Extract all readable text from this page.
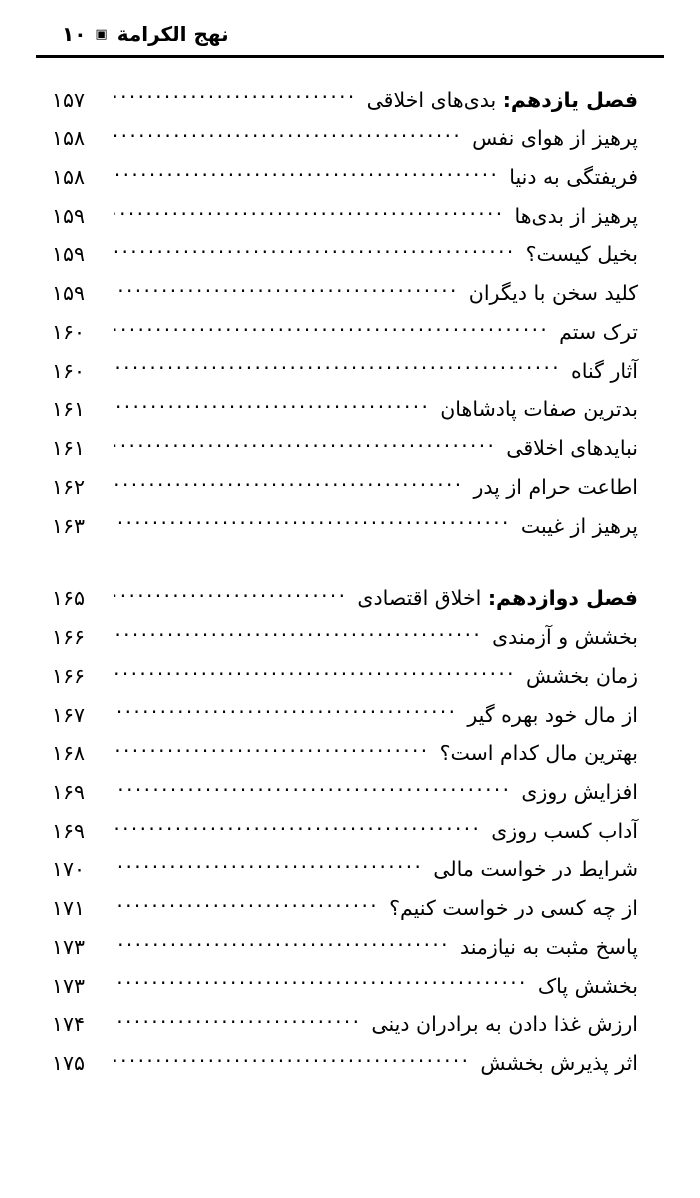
نهج الکرامة
▣
۱۰
فصل یازدهم: بدی‌های اخلاقی
.....
۱۵۷
پرهیز از هوای نفس
.....
۱۵۸
فریفتگی به دنیا
.....
۱۵۸
پرهیز از بدی‌ها
.....
۱۵۹
بخیل کیست؟
.....
۱۵۹
کلید سخن با دیگران
.....
۱۵۹
ترک ستم
.....
۱۶۰
آثار گناه
.....
۱۶۰
بدترین صفات پادشاهان
.....
۱۶۱
نبایدهای اخلاقی
.....
۱۶۱
اطاعت حرام از پدر
.....
۱۶۲
پرهیز از غیبت
.....
۱۶۳
فصل دوازدهم: اخلاق اقتصادی
.....
۱۶۵
بخشش و آزمندی
.....
۱۶۶
زمان بخشش
.....
۱۶۶
از مال خود بهره گیر
.....
۱۶۷
بهترین مال کدام است؟
.....
۱۶۸
افزایش روزی
.....
۱۶۹
آداب کسب روزی
.....
۱۶۹
شرایط در خواست مالی
.....
۱۷۰
از چه کسی در خواست کنیم؟
.....
۱۷۱
پاسخ مثبت به نیازمند
.....
۱۷۳
بخشش پاک
.....
۱۷۳
ارزش غذا دادن به برادران دینی
.....
۱۷۴
اثر پذیرش بخشش
.....
۱۷۵
